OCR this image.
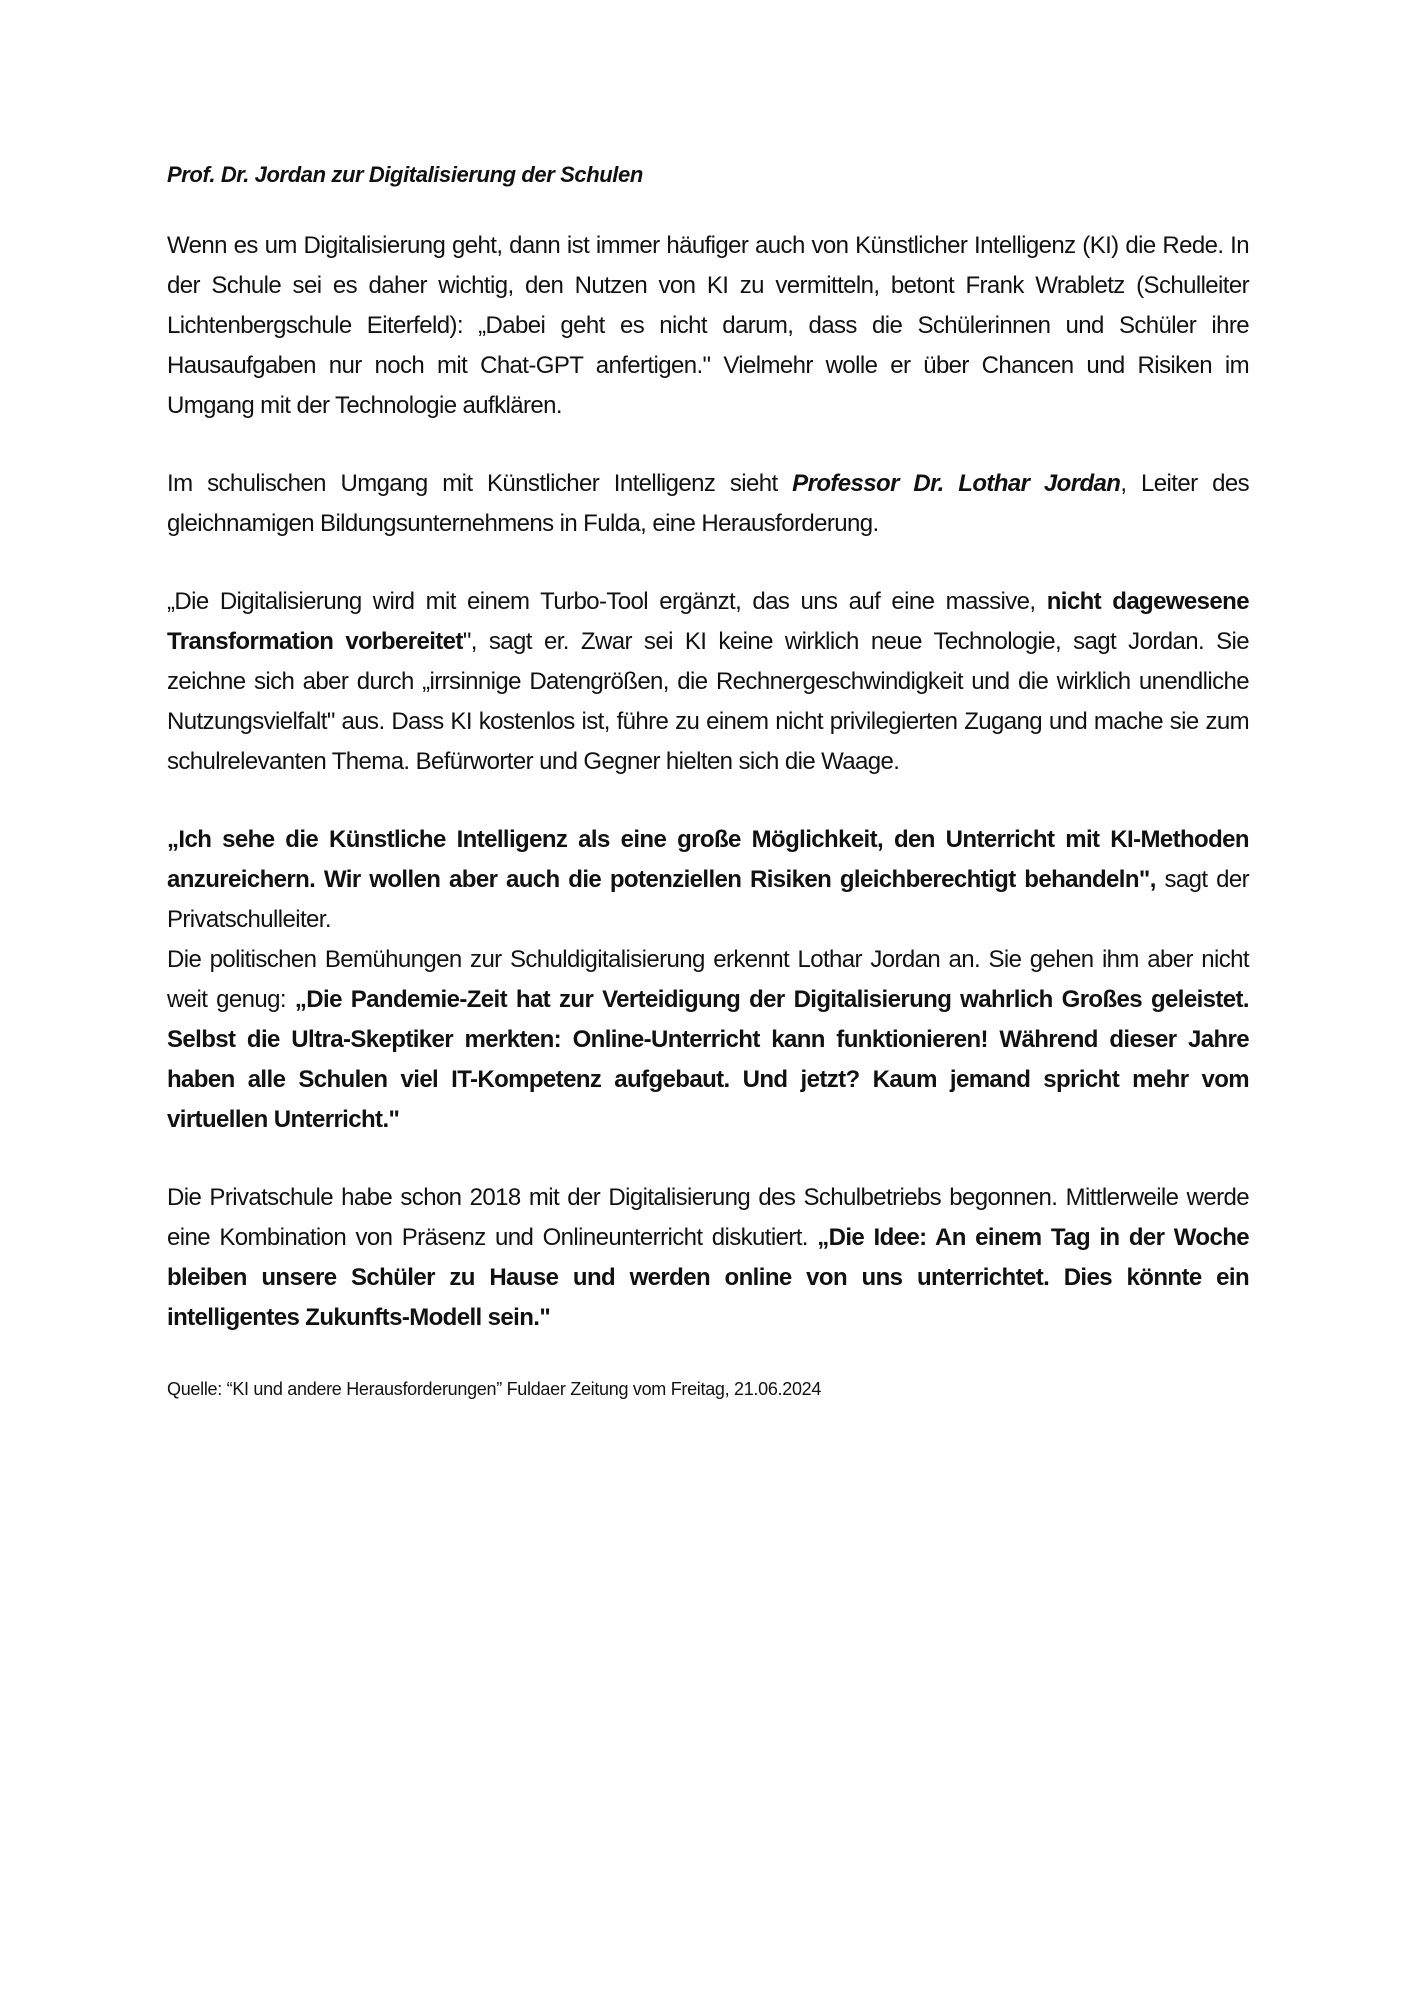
Prof. Dr. Jordan zur Digitalisierung der Schulen

Wenn es um Digitalisierung geht, dann ist immer häufiger auch von Künstlicher Intelligenz (KI) die Rede. In der Schule sei es daher wichtig, den Nutzen von KI zu vermitteln, betont Frank Wrabletz (Schulleiter Lichtenbergschule Eiterfeld): „Dabei geht es nicht darum, dass die Schülerinnen und Schüler ihre Hausaufgaben nur noch mit Chat-GPT anfertigen." Vielmehr wolle er über Chancen und Risiken im Umgang mit der Technologie aufklären.

Im schulischen Umgang mit Künstlicher Intelligenz sieht Professor Dr. Lothar Jordan, Leiter des gleichnamigen Bildungsunternehmens in Fulda, eine Herausforderung.

„Die Digitalisierung wird mit einem Turbo-Tool ergänzt, das uns auf eine massive, nicht dagewesene Transformation vorbereitet", sagt er. Zwar sei KI keine wirklich neue Technologie, sagt Jordan. Sie zeichne sich aber durch „irrsinnige Datengrößen, die Rechnergeschwindigkeit und die wirklich unendliche Nutzungsvielfalt" aus. Dass KI kostenlos ist, führe zu einem nicht privilegierten Zugang und mache sie zum schulrelevanten Thema. Befürworter und Gegner hielten sich die Waage.

„Ich sehe die Künstliche Intelligenz als eine große Möglichkeit, den Unterricht mit KI-Methoden anzureichern. Wir wollen aber auch die potenziellen Risiken gleichberechtigt behandeln", sagt der Privatschulleiter.

Die politischen Bemühungen zur Schuldigitalisierung erkennt Lothar Jordan an. Sie gehen ihm aber nicht weit genug: „Die Pandemie-Zeit hat zur Verteidigung der Digitalisierung wahrlich Großes geleistet. Selbst die Ultra-Skeptiker merkten: Online-Unterricht kann funktionieren! Während dieser Jahre haben alle Schulen viel IT-Kompetenz aufgebaut. Und jetzt? Kaum jemand spricht mehr vom virtuellen Unterricht."

Die Privatschule habe schon 2018 mit der Digitalisierung des Schulbetriebs begonnen. Mittlerweile werde eine Kombination von Präsenz und Onlineunterricht diskutiert. „Die Idee: An einem Tag in der Woche bleiben unsere Schüler zu Hause und werden online von uns unterrichtet. Dies könnte ein intelligentes Zukunfts-Modell sein."

Quelle: “KI und andere Herausforderungen” Fuldaer Zeitung vom Freitag, 21.06.2024
